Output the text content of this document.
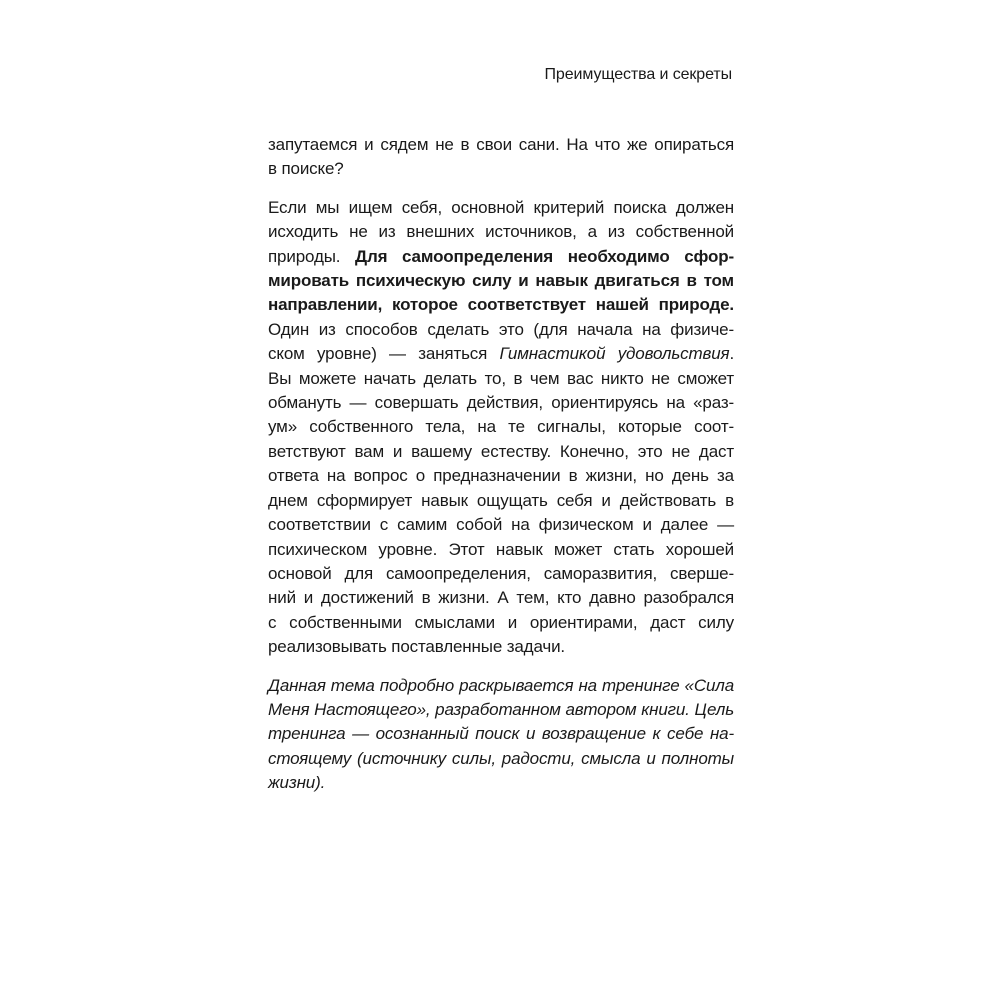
Преимущества и секреты

запутаемся и сядем не в свои сани. На что же опираться
в поиске?

Если мы ищем себя, основной критерий поиска должен
исходить не из внешних источников, а из собственной
природы. Для самоопределения необходимо сфор-
мировать психическую силу и навык двигаться в том
направлении, которое соответствует нашей природе.
Один из способов сделать это (для начала на физиче-
ском уровне) — заняться Гимнастикой удовольствия.
Вы можете начать делать то, в чем вас никто не сможет
обмануть — совершать действия, ориентируясь на «раз-
ум» собственного тела, на те сигналы, которые соот-
ветствуют вам и вашему естеству. Конечно, это не даст
ответа на вопрос о предназначении в жизни, но день за
днем сформирует навык ощущать себя и действовать в
соответствии с самим собой на физическом и далее —
психическом уровне. Этот навык может стать хорошей
основой для самоопределения, саморазвития, сверше-
ний и достижений в жизни. А тем, кто давно разобрался
с собственными смыслами и ориентирами, даст силу
реализовывать поставленные задачи.

Данная тема подробно раскрывается на тренинге «Сила
Меня Настоящего», разработанном автором книги. Цель
тренинга — осознанный поиск и возвращение к себе на-
стоящему (источнику силы, радости, смысла и полноты
жизни).
